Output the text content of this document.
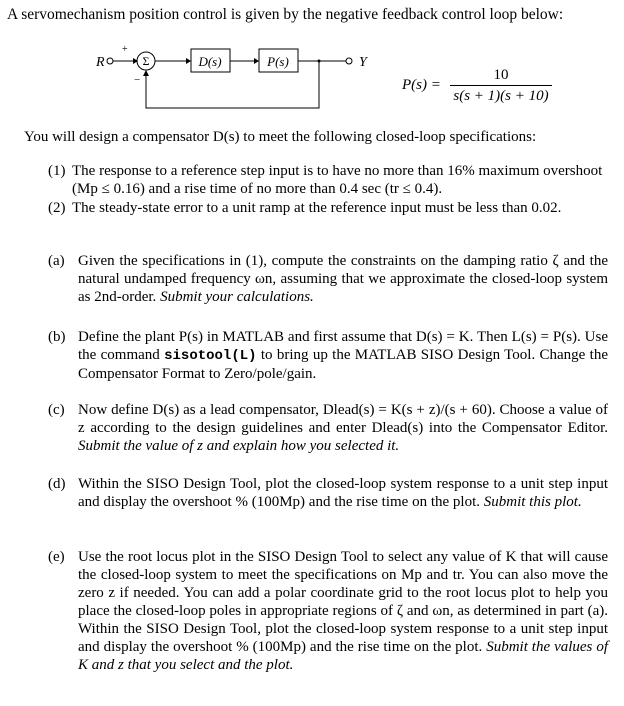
A servomechanism position control is given by the negative feedback control loop below:
R
+
Σ
−
D(s)	P(s)	Y
P(s) =
10
s(s + 1)(s + 10)
You will design a compensator D(s) to meet the following closed-loop specifications:
(1) The response to a reference step input is to have no more than 16% maximum overshoot (Mp ≤ 0.16) and a rise time of no more than 0.4 sec (tr ≤ 0.4).
(2) The steady-state error to a unit ramp at the reference input must be less than 0.02.
(a) Given the specifications in (1), compute the constraints on the damping ratio ζ and the natural undamped frequency ωn, assuming that we approximate the closed-loop system as 2nd-order. Submit your calculations.
(b) Define the plant P(s) in MATLAB and first assume that D(s) = K. Then L(s) = P(s). Use the command sisotool(L) to bring up the MATLAB SISO Design Tool. Change the Compensator Format to Zero/pole/gain.
(c) Now define D(s) as a lead compensator, Dlead(s) = K(s + z)/(s + 60). Choose a value of z according to the design guidelines and enter Dlead(s) into the Compensator Editor. Submit the value of z and explain how you selected it.
(d) Within the SISO Design Tool, plot the closed-loop system response to a unit step input and display the overshoot % (100Mp) and the rise time on the plot. Submit this plot.
(e) Use the root locus plot in the SISO Design Tool to select any value of K that will cause the closed-loop system to meet the specifications on Mp and tr. You can also move the zero z if needed. You can add a polar coordinate grid to the root locus plot to help you place the closed-loop poles in appropriate regions of ζ and ωn, as determined in part (a). Within the SISO Design Tool, plot the closed-loop system response to a unit step input and display the overshoot % (100Mp) and the rise time on the plot. Submit the values of K and z that you select and the plot.
